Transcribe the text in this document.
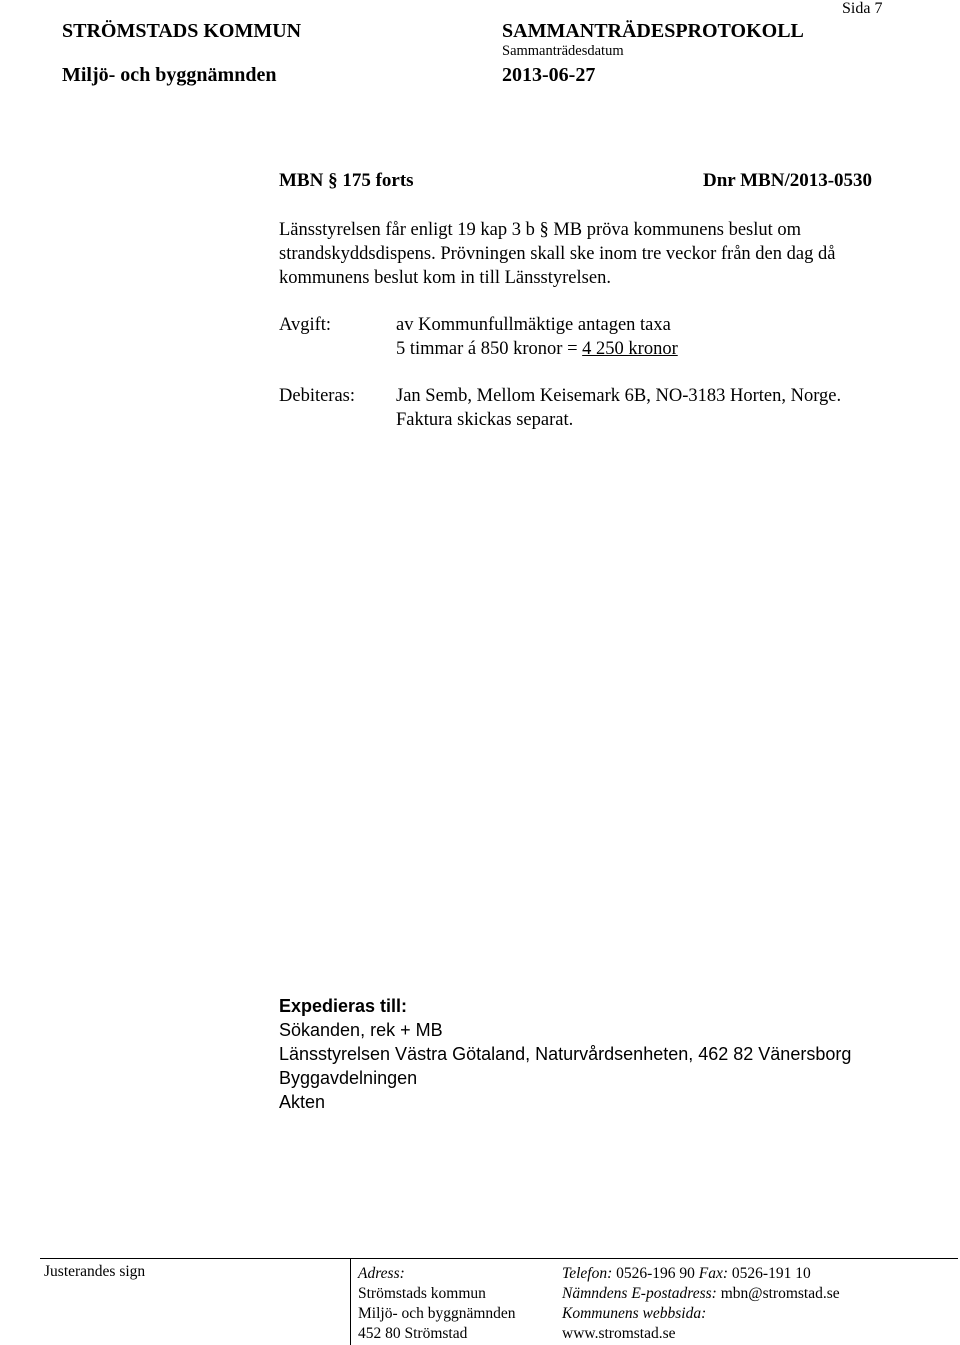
Sida 7
STRÖMSTADS KOMMUN	SAMMANTRÄDESPROTOKOLL
Sammanträdesdatum
Miljö- och byggnämnden	2013-06-27
MBN § 175 forts	Dnr MBN/2013-0530
Länsstyrelsen får enligt 19 kap 3 b § MB pröva kommunens beslut om
strandskyddsdispens. Prövningen skall ske inom tre veckor från den dag då
kommunens beslut kom in till Länsstyrelsen.
Avgift:	av Kommunfullmäktige antagen taxa
5 timmar á 850 kronor = 4 250 kronor
Debiteras: Jan Semb, Mellom Keisemark 6B, NO-3183 Horten, Norge.
Faktura skickas separat.
Expedieras till:
Sökanden, rek + MB
Länsstyrelsen Västra Götaland, Naturvårdsenheten, 462 82 Vänersborg
Byggavdelningen
Akten
Justerandes sign	Adress:
Strömstads kommun
Miljö- och byggnämnden
452 80 Strömstad
Telefon: 0526-196 90 Fax: 0526-191 10
Nämndens E-postadress: mbn@stromstad.se
Kommunens webbsida:
www.stromstad.se
